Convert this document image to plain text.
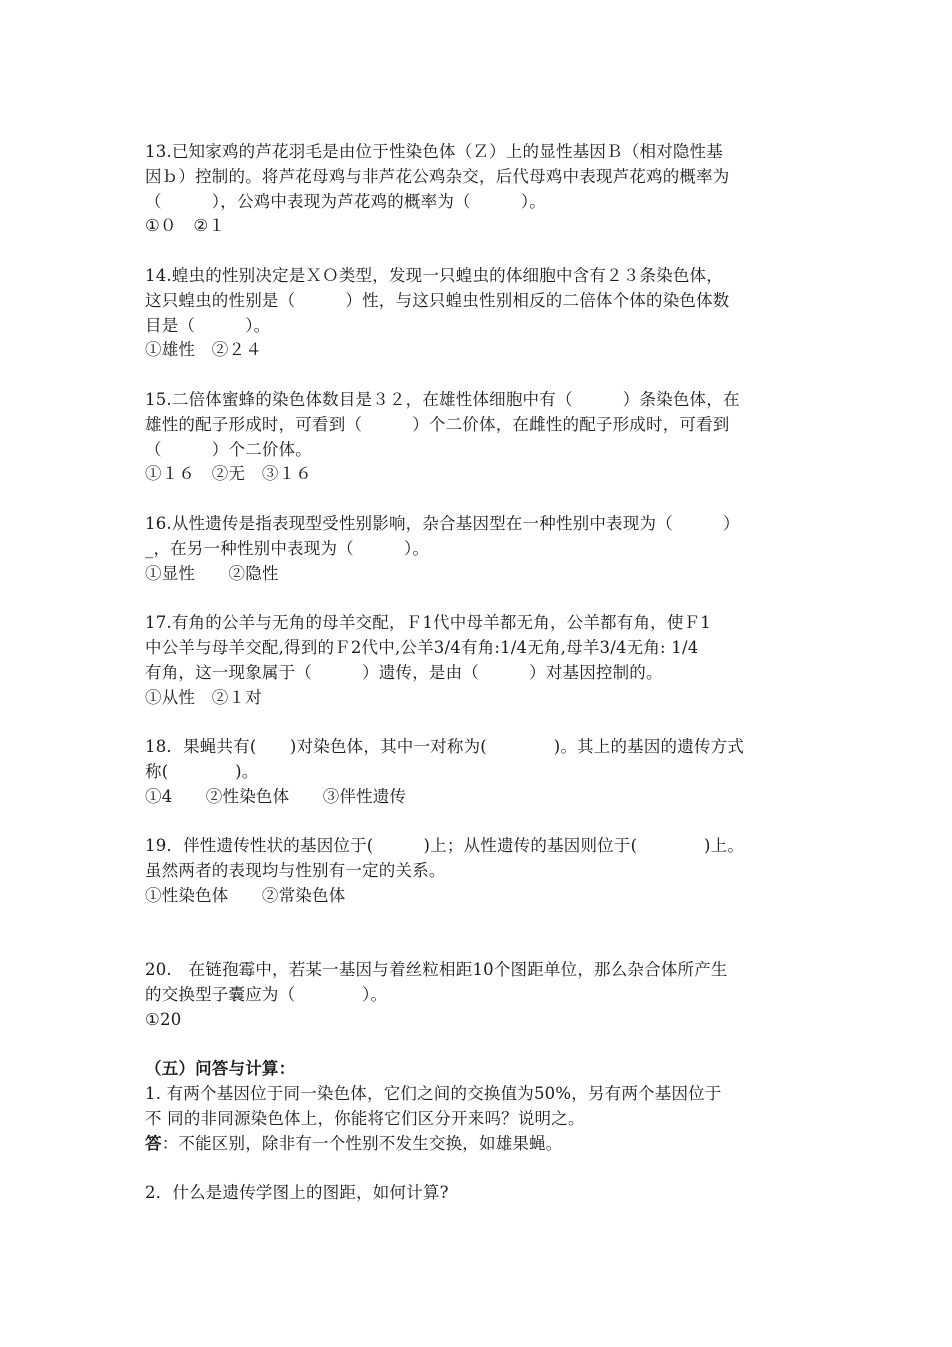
13.已知家鸡的芦花羽毛是由位于性染色体（Ｚ）上的显性基因Ｂ（相对隐性基
因ｂ）控制的。将芦花母鸡与非芦花公鸡杂交，后代母鸡中表现芦花鸡的概率为
（　　　），公鸡中表现为芦花鸡的概率为（　　　）。
①０　②１
14.蝗虫的性别决定是ＸＯ类型，发现一只蝗虫的体细胞中含有２３条染色体，
这只蝗虫的性别是（　　　）性，与这只蝗虫性别相反的二倍体个体的染色体数
目是（　　　）。
①雄性　②２４
15.二倍体蜜蜂的染色体数目是３２，在雄性体细胞中有（　　　）条染色体，在
雄性的配子形成时，可看到（　　　）个二价体，在雌性的配子形成时，可看到
（　　　）个二价体。
①１６　②无　③１６
16.从性遗传是指表现型受性别影响，杂合基因型在一种性别中表现为（　　　）
_，在另一种性别中表现为（　　　）。
①显性　　②隐性
17.有角的公羊与无角的母羊交配，Ｆ1代中母羊都无角，公羊都有角，使Ｆ1
中公羊与母羊交配,得到的Ｆ2代中,公羊3/4有角:1/4无角,母羊3/4无角: 1/4
有角，这一现象属于（　　　）遗传，是由（　　　）对基因控制的。
①从性　②１对
18．果蝇共有(　　)对染色体，其中一对称为(　　　　)。其上的基因的遗传方式
称(　　　　)。
①4　　②性染色体　　③伴性遗传
19．伴性遗传性状的基因位于(　　　)上；从性遗传的基因则位于(　　　　)上。
虽然两者的表现均与性别有一定的关系。
①性染色体　　②常染色体
20.　在链孢霉中，若某一基因与着丝粒相距10个图距单位，那么杂合体所产生
的交换型子囊应为（　　　　）。
①20
（五）问答与计算：
1. 有两个基因位于同一染色体，它们之间的交换值为50%，另有两个基因位于
不 同的非同源染色体上，你能将它们区分开来吗？说明之。
答：不能区别，除非有一个性别不发生交换，如雄果蝇。
2．什么是遗传学图上的图距，如何计算?
